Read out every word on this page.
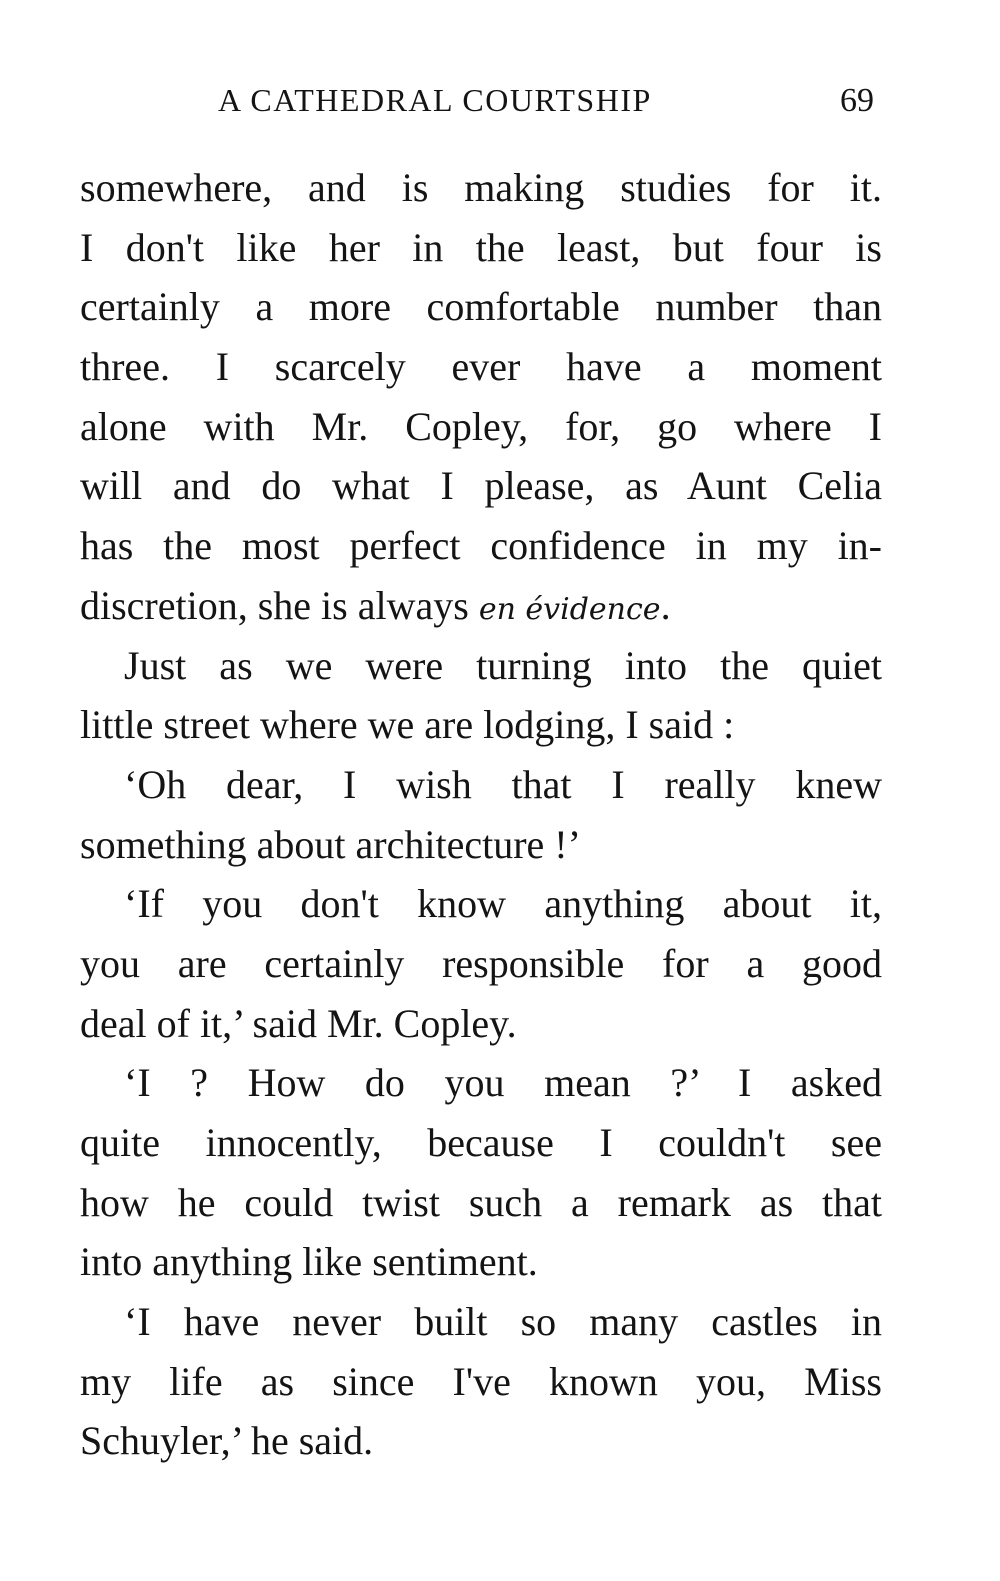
A CATHEDRAL COURTSHIP	69
somewhere, and is making studies for it.
I don't like her in the least, but four is
certainly a more comfortable number than
three. I scarcely ever have a moment
alone with Mr. Copley, for, go where I
will and do what I please, as Aunt Celia
has the most perfect confidence in my in-
discretion, she is always en évidence.
Just as we were turning into the quiet
little street where we are lodging, I said :
‘Oh dear, I wish that I really knew
something about architecture !’
‘If you don't know anything about it,
you are certainly responsible for a good
deal of it,’ said Mr. Copley.
‘I ? How do you mean ?’ I asked
quite innocently, because I couldn't see
how he could twist such a remark as that
into anything like sentiment.
‘I have never built so many castles in
my life as since I've known you, Miss
Schuyler,’ he said.
